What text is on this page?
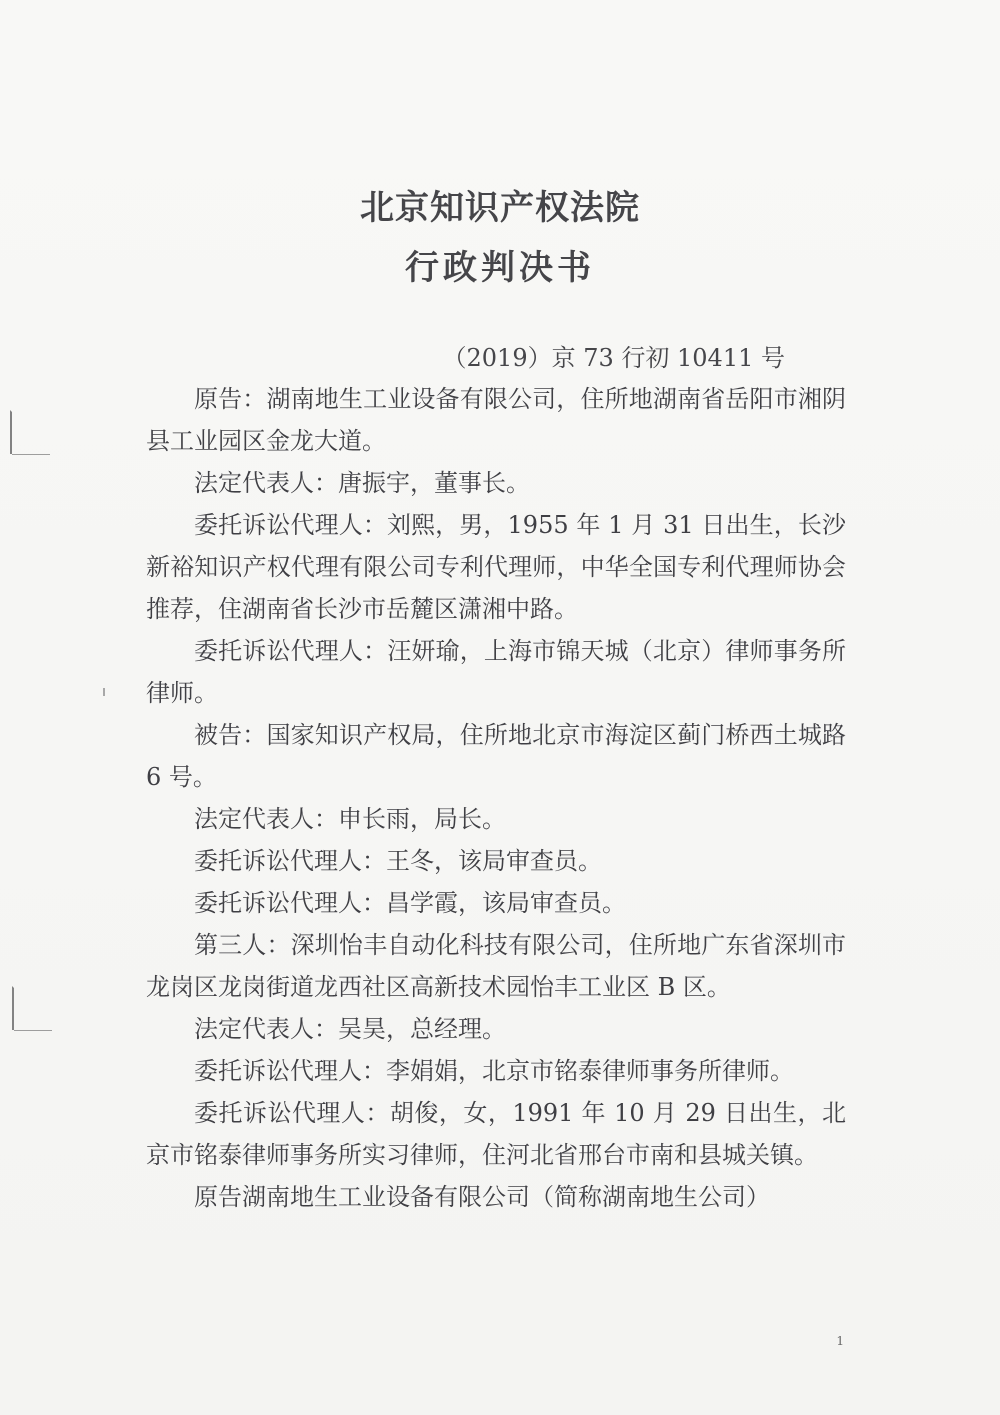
北京知识产权法院
行政判决书
（2019）京 73 行初 10411 号

原告：湖南地生工业设备有限公司，住所地湖南省岳阳市湘阴县工业园区金龙大道。

法定代表人：唐振宇，董事长。

委托诉讼代理人：刘熙，男，1955 年 1 月 31 日出生，长沙新裕知识产权代理有限公司专利代理师，中华全国专利代理师协会推荐，住湖南省长沙市岳麓区潇湘中路。

委托诉讼代理人：汪妍瑜，上海市锦天城（北京）律师事务所律师。

被告：国家知识产权局，住所地北京市海淀区蓟门桥西土城路 6 号。

法定代表人：申长雨，局长。

委托诉讼代理人：王冬，该局审查员。

委托诉讼代理人：昌学霞，该局审查员。

第三人：深圳怡丰自动化科技有限公司，住所地广东省深圳市龙岗区龙岗街道龙西社区高新技术园怡丰工业区 B 区。

法定代表人：吴昊，总经理。

委托诉讼代理人：李娟娟，北京市铭泰律师事务所律师。

委托诉讼代理人：胡俊，女，1991 年 10 月 29 日出生，北京市铭泰律师事务所实习律师，住河北省邢台市南和县城关镇。

原告湖南地生工业设备有限公司（简称湖南地生公司）

1
